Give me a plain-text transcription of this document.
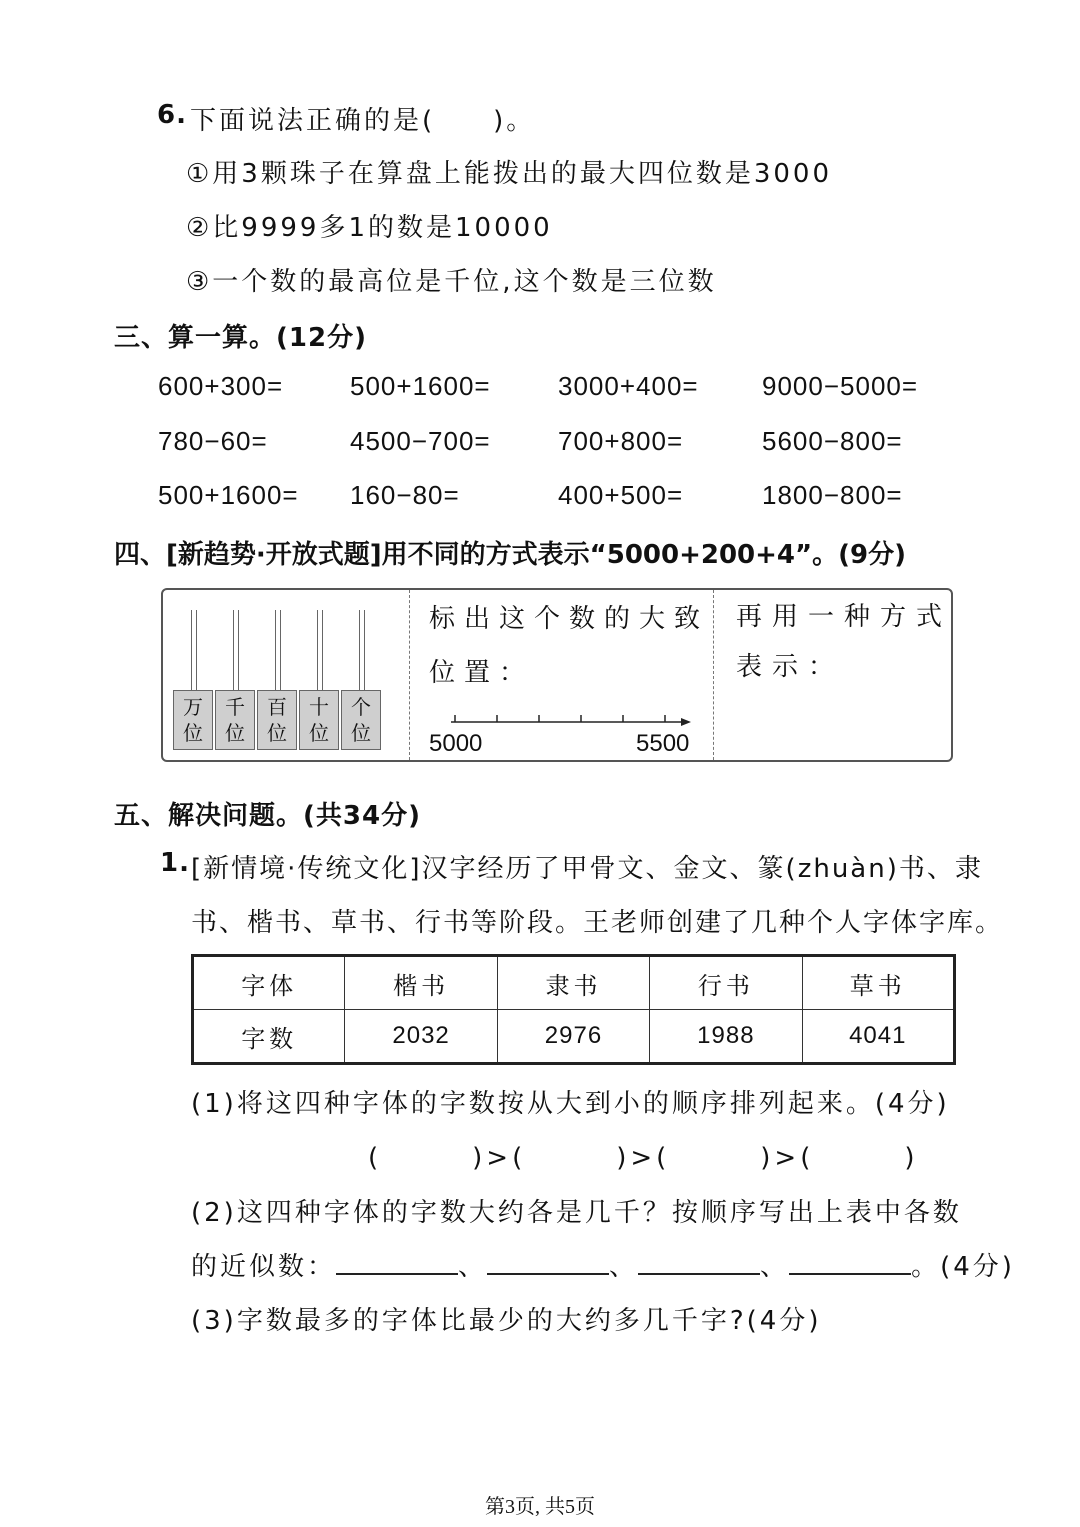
6. 下面说法正确的是(　　)。
①用3颗珠子在算盘上能拨出的最大四位数是3000
②比9999多1的数是10000
③一个数的最高位是千位,这个数是三位数
三、算一算。(12分)
600+300=	500+1600=	3000+400= 9000−5000=
780−60=	4500−700=	700+800=	5600−800=
500+1600= 160−80=	400+500=	1800−800=
四、[新趋势·开放式题]用不同的方式表示“5000+200+4”。(9分)
万
位
千
位
百
位
十
位
个
位
标出这个数的大致
位置：
5000	5500
再用一种方式
表示：
五、解决问题。(共34分)
1. [新情境·传统文化]汉字经历了甲骨文、金文、篆(zhuàn)书、隶
书、楷书、草书、行书等阶段。王老师创建了几种个人字体字库。
字体	楷书	隶书	行书	草书
字数	2032	2976	1988	4041
(1)将这四种字体的字数按从大到小的顺序排列起来。(4分)
(　　　)>(　　　)>(　　　)>(　　　)
(2)这四种字体的字数大约各是几千？按顺序写出上表中各数
的近似数：	、	、	、	。(4分)
(3)字数最多的字体比最少的大约多几千字?(4分)
第3页, 共5页
